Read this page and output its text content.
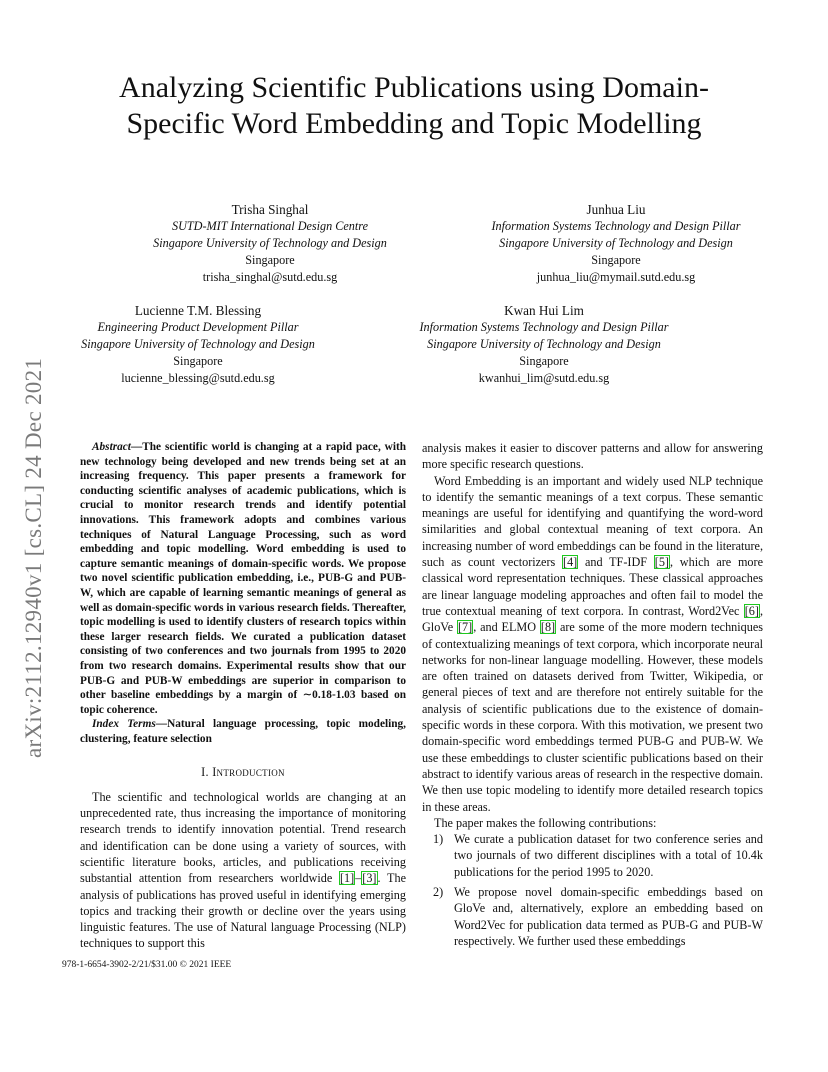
arXiv:2112.12940v1 [cs.CL] 24 Dec 2021
Analyzing Scientific Publications using Domain-Specific Word Embedding and Topic Modelling
Trisha Singhal
SUTD-MIT International Design Centre
Singapore University of Technology and Design
Singapore
trisha_singhal@sutd.edu.sg
Junhua Liu
Information Systems Technology and Design Pillar
Singapore University of Technology and Design
Singapore
junhua_liu@mymail.sutd.edu.sg
Lucienne T.M. Blessing
Engineering Product Development Pillar
Singapore University of Technology and Design
Singapore
lucienne_blessing@sutd.edu.sg
Kwan Hui Lim
Information Systems Technology and Design Pillar
Singapore University of Technology and Design
Singapore
kwanhui_lim@sutd.edu.sg

Abstract—The scientific world is changing at a rapid pace, with new technology being developed and new trends being set at an increasing frequency. This paper presents a framework for conducting scientific analyses of academic publications, which is crucial to monitor research trends and identify potential innovations. This framework adopts and combines various techniques of Natural Language Processing, such as word embedding and topic modelling. Word embedding is used to capture semantic meanings of domain-specific words. We propose two novel scientific publication embedding, i.e., PUB-G and PUB-W, which are capable of learning semantic meanings of general as well as domain-specific words in various research fields. Thereafter, topic modelling is used to identify clusters of research topics within these larger research fields. We curated a publication dataset consisting of two conferences and two journals from 1995 to 2020 from two research domains. Experimental results show that our PUB-G and PUB-W embeddings are superior in comparison to other baseline embeddings by a margin of ∼0.18-1.03 based on topic coherence.

Index Terms—Natural language processing, topic modeling, clustering, feature selection

I. Introduction

The scientific and technological worlds are changing at an unprecedented rate, thus increasing the importance of monitoring research trends to identify innovation potential. Trend research and identification can be done using a variety of sources, with scientific literature books, articles, and publications receiving substantial attention from researchers worldwide [1]–[3]. The analysis of publications has proved useful in identifying emerging topics and tracking their growth or decline over the years using linguistic features. The use of Natural language Processing (NLP) techniques to support this

analysis makes it easier to discover patterns and allow for answering more specific research questions.

Word Embedding is an important and widely used NLP technique to identify the semantic meanings of a text corpus. These semantic meanings are useful for identifying and quantifying the word-word similarities and global contextual meaning of text corpora. An increasing number of word embeddings can be found in the literature, such as count vectorizers [4] and TF-IDF [5], which are more classical word representation techniques. These classical approaches are linear language modeling approaches and often fail to model the true contextual meaning of text corpora. In contrast, Word2Vec [6], GloVe [7], and ELMO [8] are some of the more modern techniques of contextualizing meanings of text corpora, which incorporate neural networks for non-linear language modelling. However, these models are often trained on datasets derived from Twitter, Wikipedia, or general pieces of text and are therefore not entirely suitable for the analysis of scientific publications due to the existence of domain-specific words in these corpora. With this motivation, we present two domain-specific word embeddings termed PUB-G and PUB-W. We use these embeddings to cluster scientific publications based on their abstract to identify various areas of research in the respective domain. We then use topic modeling to identify more detailed research topics in these areas.

The paper makes the following contributions:

1) We curate a publication dataset for two conference series and two journals of two different disciplines with a total of 10.4k publications for the period 1995 to 2020.
2) We propose novel domain-specific embeddings based on GloVe and, alternatively, explore an embedding based on Word2Vec for publication data termed as PUB-G and PUB-W respectively. We further used these embeddings
978-1-6654-3902-2/21/$31.00 © 2021 IEEE
